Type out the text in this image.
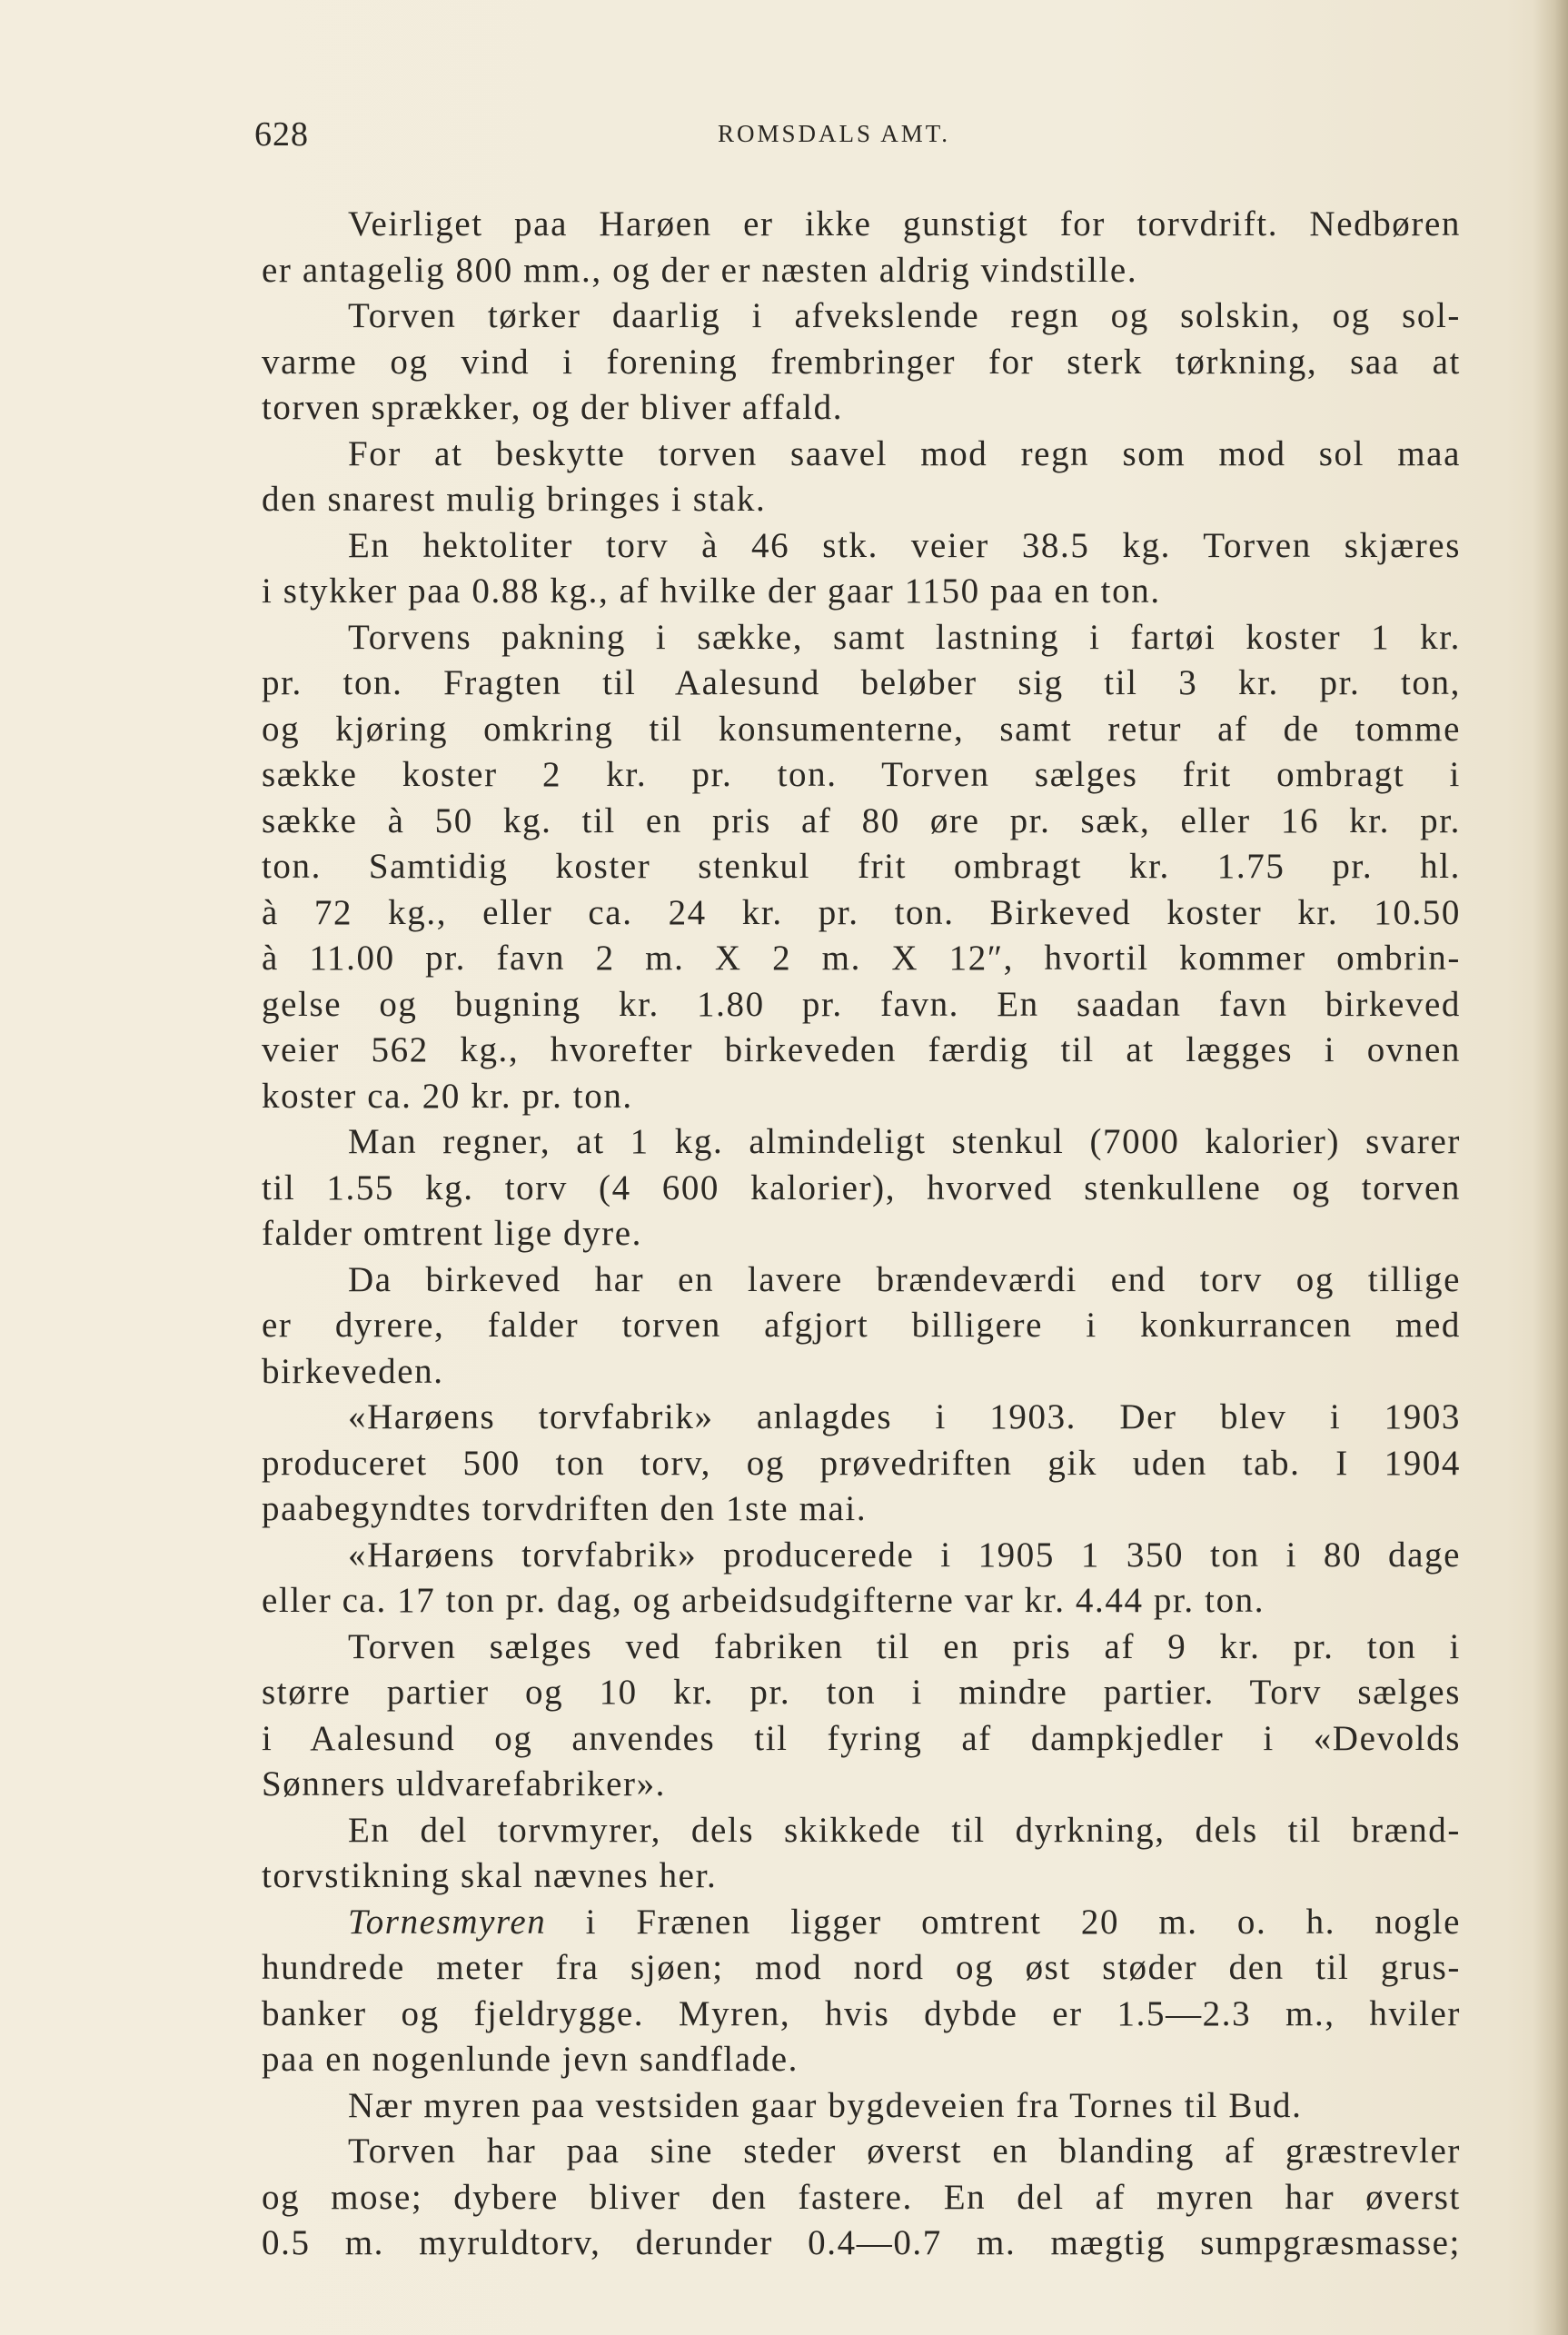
628	ROMSDALS AMT.
Veirliget paa Harøen er ikke gunstigt for torvdrift. Nedbøren
er antagelig 800 mm., og der er næsten aldrig vindstille.
Torven tørker daarlig i afvekslende regn og solskin, og sol-
varme og vind i forening frembringer for sterk tørkning, saa at
torven sprækker, og der bliver affald.
For at beskytte torven saavel mod regn som mod sol maa
den snarest mulig bringes i stak.
En hektoliter torv à 46 stk. veier 38.5 kg. Torven skjæres
i stykker paa 0.88 kg., af hvilke der gaar 1150 paa en ton.
Torvens pakning i sække, samt lastning i fartøi koster 1 kr.
pr. ton. Fragten til Aalesund beløber sig til 3 kr. pr. ton,
og kjøring omkring til konsumenterne, samt retur af de tomme
sække koster 2 kr. pr. ton. Torven sælges frit ombragt i
sække à 50 kg. til en pris af 80 øre pr. sæk, eller 16 kr. pr.
ton. Samtidig koster stenkul frit ombragt kr. 1.75 pr. hl.
à 72 kg., eller ca. 24 kr. pr. ton. Birkeved koster kr. 10.50
à 11.00 pr. favn 2 m. X 2 m. X 12″, hvortil kommer ombrin-
gelse og bugning kr. 1.80 pr. favn. En saadan favn birkeved
veier 562 kg., hvorefter birkeveden færdig til at lægges i ovnen
koster ca. 20 kr. pr. ton.
Man regner, at 1 kg. almindeligt stenkul (7000 kalorier) svarer
til 1.55 kg. torv (4 600 kalorier), hvorved stenkullene og torven
falder omtrent lige dyre.
Da birkeved har en lavere brændeværdi end torv og tillige
er dyrere, falder torven afgjort billigere i konkurrancen med
birkeveden.
«Harøens torvfabrik» anlagdes i 1903. Der blev i 1903
produceret 500 ton torv, og prøvedriften gik uden tab. I 1904
paabegyndtes torvdriften den 1ste mai.
«Harøens torvfabrik» producerede i 1905 1 350 ton i 80 dage
eller ca. 17 ton pr. dag, og arbeidsudgifterne var kr. 4.44 pr. ton.
Torven sælges ved fabriken til en pris af 9 kr. pr. ton i
større partier og 10 kr. pr. ton i mindre partier. Torv sælges
i Aalesund og anvendes til fyring af dampkjedler i «Devolds
Sønners uldvarefabriker».
En del torvmyrer, dels skikkede til dyrkning, dels til brænd-
torvstikning skal nævnes her.
Tornesmyren i Frænen ligger omtrent 20 m. o. h. nogle
hundrede meter fra sjøen; mod nord og øst støder den til grus-
banker og fjeldrygge. Myren, hvis dybde er 1.5—2.3 m., hviler
paa en nogenlunde jevn sandflade.
Nær myren paa vestsiden gaar bygdeveien fra Tornes til Bud.
Torven har paa sine steder øverst en blanding af græstrevler
og mose; dybere bliver den fastere. En del af myren har øverst
0.5 m. myruldtorv, derunder 0.4—0.7 m. mægtig sumpgræsmasse;
